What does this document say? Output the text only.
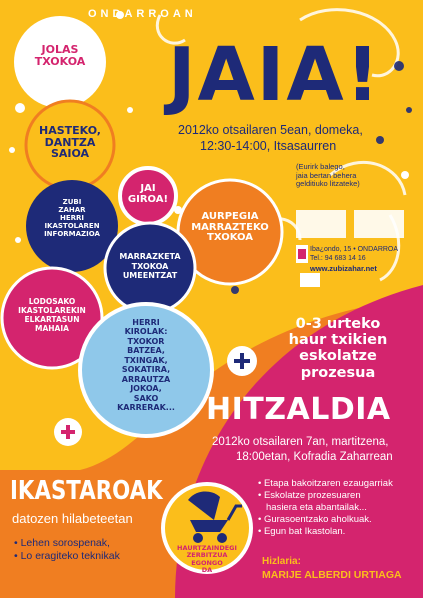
ONDARROAN
JOLAS
TXOKOA
HASTEKO,
DANTZA
SAIOA
JAI
GIROA!
ZUBI
ZAHAR
HERRI
IKASTOLAREN
INFORMAZIOA
AURPEGIA
MARRAZTEKO
TXOKOA
MARRAZKETA
TXOKOA
UMEENTZAT
LODOSAKO
IKASTOLAREKIN
ELKARTASUN
MAHAIA
HERRI
KIROLAK:
TXOKOR
BATZEA,
TXINGAK,
SOKATIRA,
ARRAUTZA
JOKOA,
SAKO
KARRERAK...
JAIA!
2012ko otsailaren 5ean, domeka,
12:30-14:00, Itsasaurren
(Eurirk balego,
jaia bertan behera
gelditiuko litzateke)
Iba¿ondo, 15 • ONDARROA
Tel.: 94 683 14 16
www.zubizahar.net
0-3 urteko
haur txikien
eskolatze
prozesua
HITZALDIA
2012ko otsailaren 7an, martitzena,
18:00etan, Kofradia Zaharrean
• Etapa bakoitzaren ezaugarriak
• Eskolatze prozesuaren
hasiera eta abantailak...
• Gurasoentzako aholkuak.
• Egun bat Ikastolan.
Hizlaria:
MARIJE ALBERDI URTIAGA
IKASTAROAK
datozen hilabeteetan
• Lehen sorospenak,
• Lo eragiteko teknikak
HAURTZAINDEGI
ZERBITZUA
EGONGO
DA
